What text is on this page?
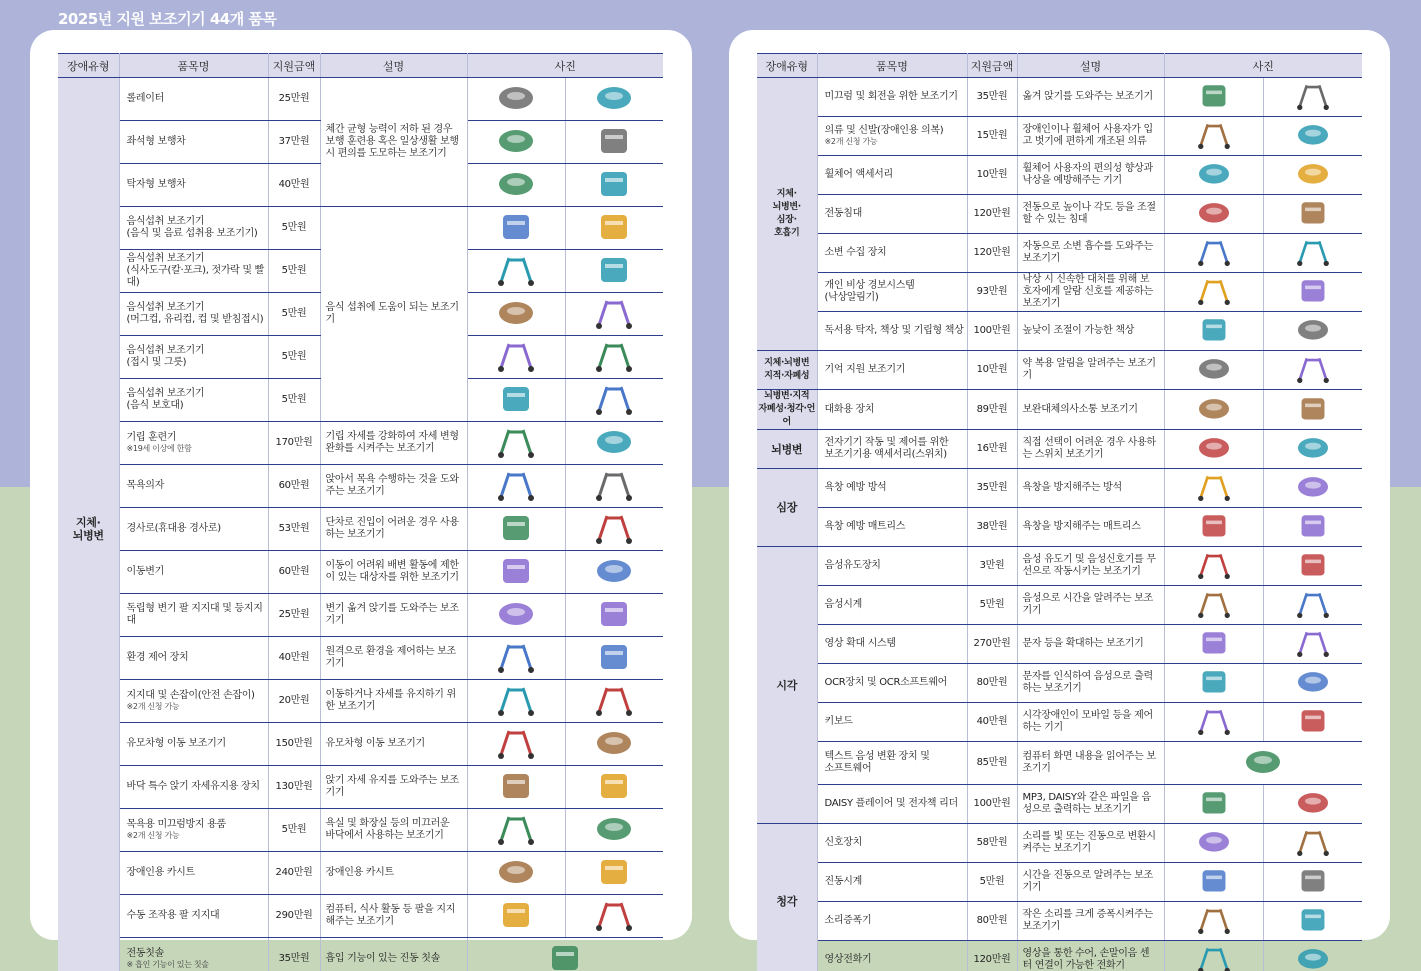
2025년 지원 보조기기 44개 품목
장애유형	품목명	지원금액	설명	사진	

지체·
뇌병변	롤레이터	25만원	체간 균형 능력이 저하 된 경우 보행 훈련용 혹은 일상생활 보행 시 편의를 도모하는 보조기기	

	좌석형 보행차	37만원	

	탁자형 보행차	40만원	

	음식섭취 보조기기
(음식 및 음료 섭취용 보조기기)	5만원	음식 섭취에 도움이 되는 보조기기	

	음식섭취 보조기기
(식사도구(칼·포크), 젓가락 및 빨대)	5만원	

	음식섭취 보조기기
(머그컵, 유리컵, 컵 및 받침접시)	5만원	

	음식섭취 보조기기
(접시 및 그릇)	5만원	

	음식섭취 보조기기
(음식 보호대)	5만원	

	기립 훈련기
※19세 이상에 한함	170만원	기립 자세를 강화하여 자세 변형 완화를 시켜주는 보조기기	

	목욕의자	60만원	앉아서 목욕 수행하는 것을 도와주는 보조기기	

	경사로(휴대용 경사로)	53만원	단차로 진입이 어려운 경우 사용하는 보조기기	

	이동변기	60만원	이동이 어려워 배변 활동에 제한이 있는 대상자를 위한 보조기기	

	독립형 변기 팔 지지대 및 등지지대	25만원	변기 옮겨 앉기를 도와주는 보조기기	

	환경 제어 장치	40만원	원격으로 환경을 제어하는 보조기기	

	지지대 및 손잡이(안전 손잡이)
※2개 신청 가능	20만원	이동하거나 자세를 유지하기 위한 보조기기	

	유모차형 이동 보조기기	150만원	유모차형 이동 보조기기	

	바닥 특수 앉기 자세유지용 장치	130만원	앉기 자세 유지를 도와주는 보조기기	

	목욕용 미끄럼방지 용품
※2개 신청 가능	5만원	욕실 및 화장실 등의 미끄러운 바닥에서 사용하는 보조기기	

	장애인용 카시트	240만원	장애인용 카시트	

	수동 조작용 팔 지지대	290만원	컴퓨터, 식사 활동 등 팔을 지지해주는 보조기기	

	전동칫솔
※ 흡인 기능이 있는 칫솔	35만원	흡입 기능이 있는 진동 칫솔	
장애유형	품목명	지원금액	설명	사진	

지체·
뇌병변·
심장·
호흡기	미끄럼 및 회전을 위한 보조기기	35만원	옮겨 앉기를 도와주는 보조기기	

	의류 및 신발(장애인용 의복)
※2개 신청 가능	15만원	장애인이나 휠체어 사용자가 입고 벗기에 편하게 개조된 의류	

	휠체어 액세서리	10만원	휠체어 사용자의 편의성 향상과 낙상을 예방해주는 기기	

	전동침대	120만원	전동으로 높이나 각도 등을 조절할 수 있는 침대	

	소변 수집 장치	120만원	자동으로 소변 흡수를 도와주는 보조기기	

	개인 비상 경보시스템
(낙상알림기)	93만원	낙상 시 신속한 대처를 위해 보호자에게 알람 신호를 제공하는 보조기기	

	독서용 탁자, 책상 및 기립형 책상	100만원	높낮이 조절이 가능한 책상	

지체·뇌병변
지적·자폐성	기억 지원 보조기기	10만원	약 복용 알림을 알려주는 보조기기	

뇌병변·지적
자폐성·청각·언어	대화용 장치	89만원	보완대체의사소통 보조기기	

뇌병변	전자기기 작동 및 제어를 위한
보조기기용 액세서리(스위치)	16만원	직접 선택이 어려운 경우 사용하는 스위치 보조기기	

심장	욕창 예방 방석	35만원	욕창을 방지해주는 방석	

	욕창 예방 매트리스	38만원	욕창을 방지해주는 매트리스	

시각	음성유도장치	3만원	음성 유도기 및 음성신호기를 무선으로 작동시키는 보조기기	

	음성시계	5만원	음성으로 시간을 알려주는 보조기기	

	영상 확대 시스템	270만원	문자 등을 확대하는 보조기기	

	OCR장치 및 OCR소프트웨어	80만원	문자를 인식하여 음성으로 출력하는 보조기기	

	키보드	40만원	시각장애인이 모바일 등을 제어하는 기기	

	텍스트 음성 변환 장치 및
소프트웨어	85만원	컴퓨터 화면 내용을 읽어주는 보조기기	

	DAISY 플레이어 및 전자책 리더	100만원	MP3, DAISY와 같은 파일을 음성으로 출력하는 보조기기	

청각	신호장치	58만원	소리를 빛 또는 진동으로 변환시켜주는 보조기기	

	진동시계	5만원	시간을 진동으로 알려주는 보조기기	

	소리증폭기	80만원	작은 소리를 크게 증폭시켜주는 보조기기	

	영상전화기	120만원	영상을 통한 수어, 손말이음 센터 연결이 가능한 전화기	
